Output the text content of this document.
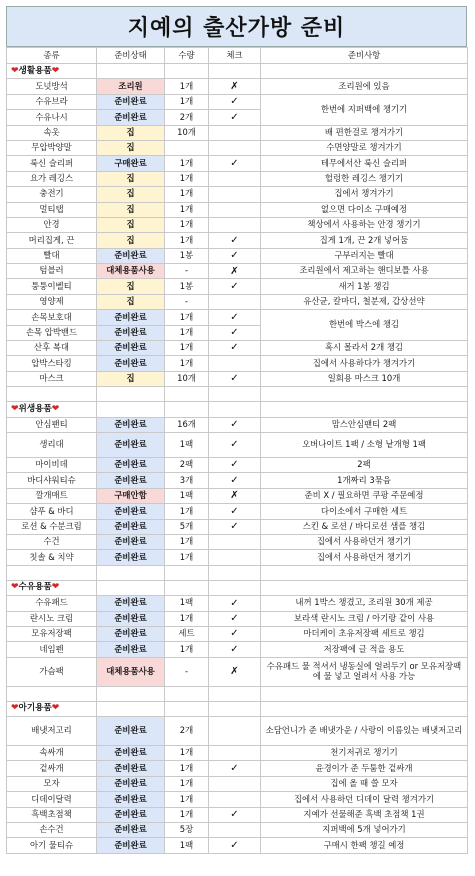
지예의 출산가방 준비
종류	준비상태	수량	체크	준비사항
❤생활용품❤				
도넛방석	조리원	1개	✗	조리원에 있음
수유브라	준비완료	1개	✓	한번에 지퍼백에 챙기기
수유나시	준비완료	2개	✓	
속옷	집	10개		배 편한걸로 챙겨가기
무압박양말	집			수면양말로 챙겨가기
룩신 슬리퍼	구매완료	1개	✓	테무에서산 룩신 슬리퍼
요가 레깅스	집	1개		헐렁한 레깅스 챙기기
충전기	집	1개		집에서 챙겨가기
멀티탭	집	1개		없으면 다이소 구매예정
안경	집	1개		책상에서 사용하는 안경 챙기기
머리집게, 끈	집	1개	✓	집게 1개, 끈 2개 넣어둠
빨대	준비완료	1봉	✓	구부러지는 빨대
텀블러	대체용품사용	-	✗	조리원에서 제고하는 핸디보틀 사용
퉁퉁이벨티	집	1봉	✓	새거 1봉 챙김
영양제	집	-		유산균, 칼마디, 철분제, 갑상선약
손목보호대	준비완료	1개	✓	한번에 박스에 챙김
손목 압박밴드	준비완료	1개	✓	
산후 복대	준비완료	1개	✓	혹시 몰라서 2개 챙김
압박스타킹	준비완료	1개		집에서 사용하다가 챙겨가기
마스크	집	10개	✓	일회용 마스크 10개

❤위생용품❤				
안심팬티	준비완료	16개	✓	맘스안심팬티 2팩
생리대	준비완료	1팩	✓	오버나이트 1팩 / 소형 낱개형 1팩
마이비데	준비완료	2팩	✓	2팩
바디샤워티슈	준비완료	3개	✓	1개짜리 3묶음
깔개매트	구매안함	1팩	✗	준비 X / 필요하면 쿠팡 주문예정
샴푸 & 바디	준비완료	1개	✓	다이소에서 구매한 세트
로션 & 수분크림	준비완료	5개	✓	스킨 & 로션 / 바디로션 샘플 챙김
수건	준비완료	1개		집에서 사용하던거 챙기기
칫솔 & 치약	준비완료	1개		집에서 사용하던거 챙기기

❤수유용품❤				
수유패드	준비완료	1팩	✓	내꺼 1박스 챙겼고, 조리원 30개 제공
란시노 크림	준비완료	1개	✓	보라색 란시노 크림 / 아기랑 같이 사용
모유저장팩	준비완료	세트	✓	마더케이 초유저장팩 세트로 챙김
네임펜	준비완료	1개	✓	저장팩에 글 적을 용도
가슴팩	대체용품사용	-	✗	수유패드 물 적셔서 냉동실에 얼려두기 or 모유저장팩에 물 넣고 얼려서 사용 가능

❤아기용품❤				
배냇저고리	준비완료	2개		소담언니가 준 배냇가운 / 사랑이 이름있는 배냇저고리
속싸개	준비완료	1개		천기저귀로 챙기기
겉싸개	준비완료	1개	✓	윤경이가 준 두툼한 겉싸개
모자	준비완료	1개		집에 올 때 쓸 모자
디데이달력	준비완료	1개		집에서 사용하던 디데이 달력 챙겨가기
흑백초점책	준비완료	1개	✓	지예가 선물해준 흑백 초점책 1권
손수건	준비완료	5장		지퍼백에 5개 넣어가기
아기 물티슈	준비완료	1팩	✓	구매시 한팩 챙길 예정
